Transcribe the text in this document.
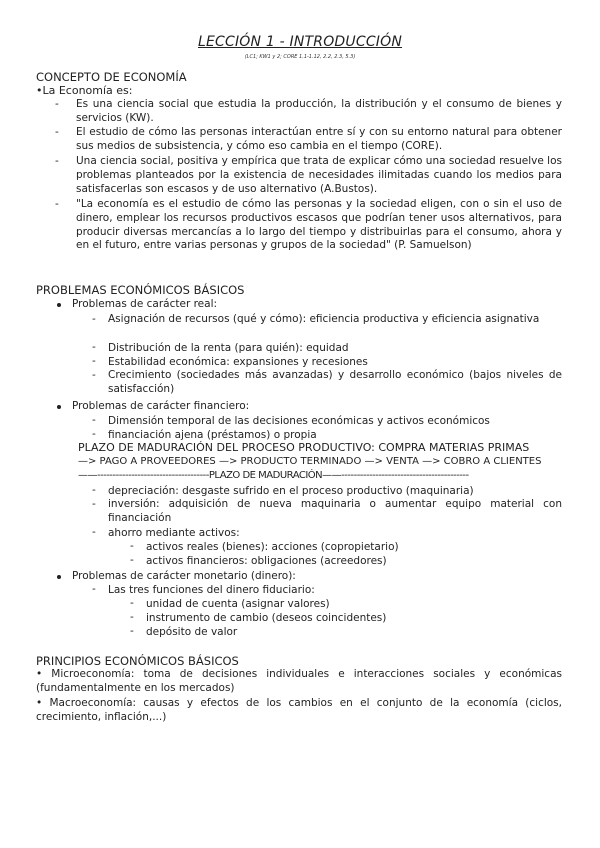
LECCIÓN 1 - INTRODUCCIÓN
(LC1; KW1 y 2; CORE 1.1-1.12, 2.2, 2.3, 5.3)
CONCEPTO DE ECONOMÍA
•La Economía es:
- Es una ciencia social que estudia la producción, la distribución y el consumo de bienes y servicios (KW).
- El estudio de cómo las personas interactúan entre sí y con su entorno natural para obtener sus medios de subsistencia, y cómo eso cambia en el tiempo (CORE).
- Una ciencia social, positiva y empírica que trata de explicar cómo una sociedad resuelve los problemas planteados por la existencia de necesidades ilimitadas cuando los medios para satisfacerlas son escasos y de uso alternativo (A.Bustos).
- "La economía es el estudio de cómo las personas y la sociedad eligen, con o sin el uso de dinero, emplear los recursos productivos escasos que podrían tener usos alternativos, para producir diversas mercancías a lo largo del tiempo y distribuirlas para el consumo, ahora y en el futuro, entre varias personas y grupos de la sociedad" (P. Samuelson)
PROBLEMAS ECONÓMICOS BÁSICOS
Problemas de carácter real:
- Asignación de recursos (qué y cómo): eficiencia productiva y eficiencia asignativa
- Distribución de la renta (para quién): equidad
- Estabilidad económica: expansiones y recesiones
- Crecimiento (sociedades más avanzadas) y desarrollo económico (bajos niveles de satisfacción)
Problemas de carácter financiero:
- Dimensión temporal de las decisiones económicas y activos económicos
- financiación ajena (préstamos) o propia
PLAZO DE MADURACIÓN DEL PROCESO PRODUCTIVO: COMPRA MATERIAS PRIMAS
—> PAGO A PROVEEDORES —> PRODUCTO TERMINADO —> VENTA —> COBRO A CLIENTES
——------------------------------------PLAZO DE MADURACIÓN——-----------------------------------------
- depreciación: desgaste sufrido en el proceso productivo (maquinaria)
- inversión: adquisición de nueva maquinaria o aumentar equipo material con financiación
- ahorro mediante activos:
- activos reales (bienes): acciones (copropietario)
- activos financieros: obligaciones (acreedores)
Problemas de carácter monetario (dinero):
- Las tres funciones del dinero fiduciario:
- unidad de cuenta (asignar valores)
- instrumento de cambio (deseos coincidentes)
- depósito de valor
PRINCIPIOS ECONÓMICOS BÁSICOS
• Microeconomía: toma de decisiones individuales e interacciones sociales y económicas (fundamentalmente en los mercados)
• Macroeconomía: causas y efectos de los cambios en el conjunto de la economía (ciclos, crecimiento, inflación,...)
